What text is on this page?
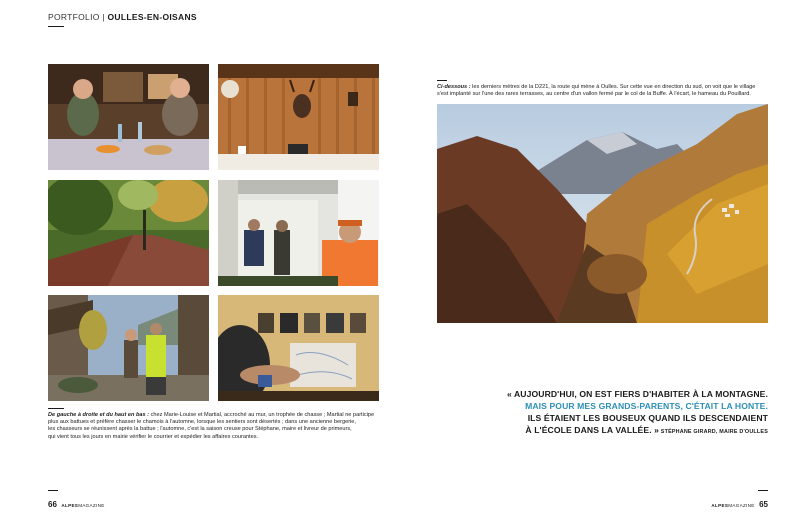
PORTFOLIO | OULLES-EN-OISANS
De gauche à droite et du haut en bas : chez Marie-Louise et Martial, accroché au mur, un trophée de chasse ; Martial ne participe
plus aux battues et préfère chasser le chamois à l'automne, lorsque les sentiers sont désertés ; dans une ancienne bergerie,
les chasseurs se réunissent après la battue ; l'automne, c'est la saison creuse pour Stéphane, maire et livreur de primeurs,
qui vient tous les jours en mairie vérifier le courrier et expédier les affaires courantes.
Ci-dessous : les derniers mètres de la D221, la route qui mène à Oulles. Sur cette vue en direction du sud, on voit que le village
s'est implanté sur l'une des rares terrasses, au centre d'un vallon fermé par le col de la Buffe. À l'écart, le hameau du Pouillard.
« AUJOURD'HUI, ON EST FIERS D'HABITER À LA MONTAGNE.
MAIS POUR MES GRANDS-PARENTS, C'ÉTAIT LA HONTE.
ILS ÉTAIENT LES BOUSEUX QUAND ILS DESCENDAIENT
À L'ÉCOLE DANS LA VALLÉE. » STÉPHANE GIRARD, MAIRE D'OULLES
66 ALPESMAGAZINE	ALPESMAGAZINE 65
